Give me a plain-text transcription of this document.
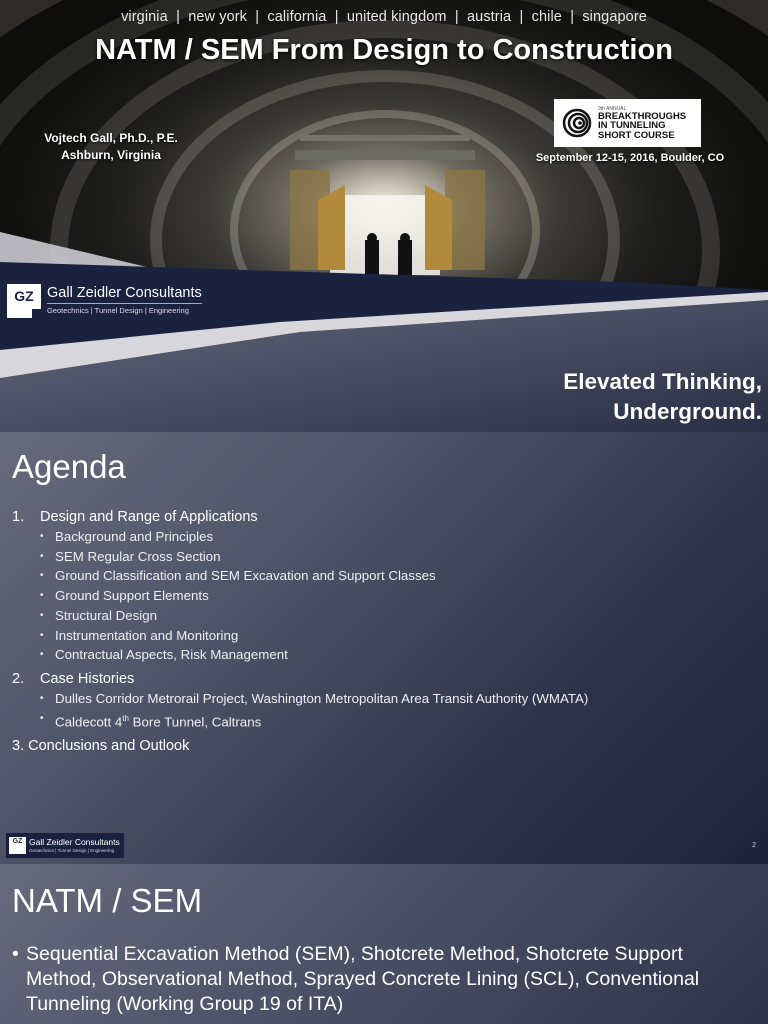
virginia  |  new york  |  california  |  united kingdom  |  austria  |  chile  |  singapore
NATM / SEM From Design to Construction
Vojtech Gall, Ph.D., P.E.
Ashburn, Virginia
9th ANNUAL
BREAKTHROUGHS
IN TUNNELING
SHORT COURSE
September 12-15, 2016, Boulder, CO
GZ Gall Zeidler Consultants
Geotechnics | Tunnel Design | Engineering
Elevated Thinking,
Underground.
Agenda
1.	Design and Range of Applications
• Background and Principles
• SEM Regular Cross Section
• Ground Classification and SEM Excavation and Support Classes
• Ground Support Elements
• Structural Design
• Instrumentation and Monitoring
• Contractual Aspects, Risk Management
2.	Case Histories
• Dulles Corridor Metrorail Project, Washington Metropolitan Area Transit Authority (WMATA)
• Caldecott 4th Bore Tunnel, Caltrans
3. Conclusions and Outlook
GZ Gall Zeidler Consultants
Geotechnics | Tunnel Design | Engineering
2
NATM / SEM
• Sequential Excavation Method (SEM), Shotcrete Method, Shotcrete Support Method, Observational Method, Sprayed Concrete Lining (SCL), Conventional Tunneling (Working Group 19 of ITA)
